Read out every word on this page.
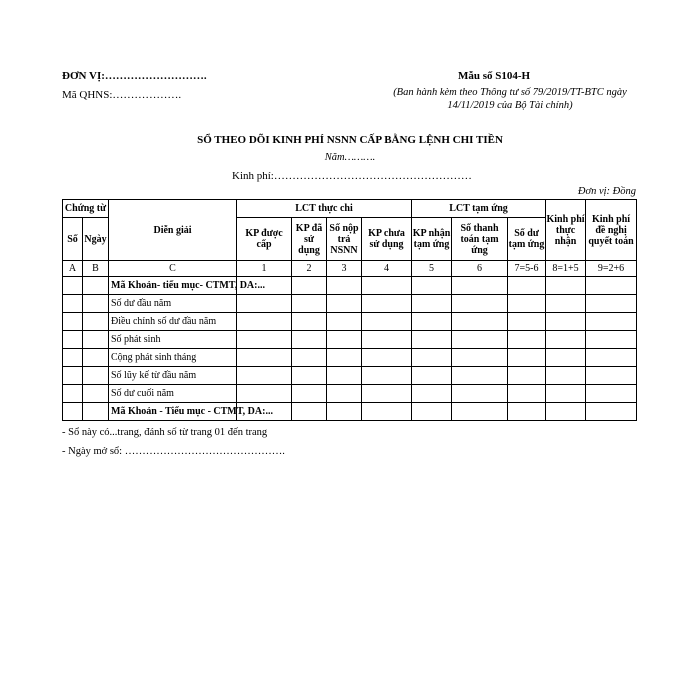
ĐƠN VỊ:……………………….
Mã QHNS:……………….
Mẫu số S104-H
(Ban hành kèm theo Thông tư số 79/2019/TT-BTC ngày
14/11/2019 của Bộ Tài chính)
SỔ THEO DÕI KINH PHÍ NSNN CẤP BẰNG LỆNH CHI TIỀN
Năm……….
Kinh phí:………………………………………………
Đơn vị: Đồng
Chứng từ		Diễn giải	LCT thực chi				LCT tạm ứng			Kinh phí thực nhận	Kinh phí đề nghị quyết toán
Số	Ngày		KP được cấp	KP đã sử dụng	Số nộp trả NSNN	KP chưa sử dụng	KP nhận tạm ứng	Số thanh toán tạm ứng	Số dư tạm ứng		
A	B	C	1	2	3	4	5	6	7=5-6	8=1+5	9=2+6
		Mã Khoản- tiểu mục- CTMT, DA:...									
		Số dư đầu năm									
		Điều chỉnh số dư đầu năm									
		Số phát sinh									
		Cộng phát sinh tháng									
		Số lũy kế từ đầu năm									
		Số dư cuối năm									
		Mã Khoản - Tiểu mục - CTMT, DA:...									
- Sổ này có...trang, đánh số từ trang 01 đến trang
- Ngày mở sổ: ……………………………………….
